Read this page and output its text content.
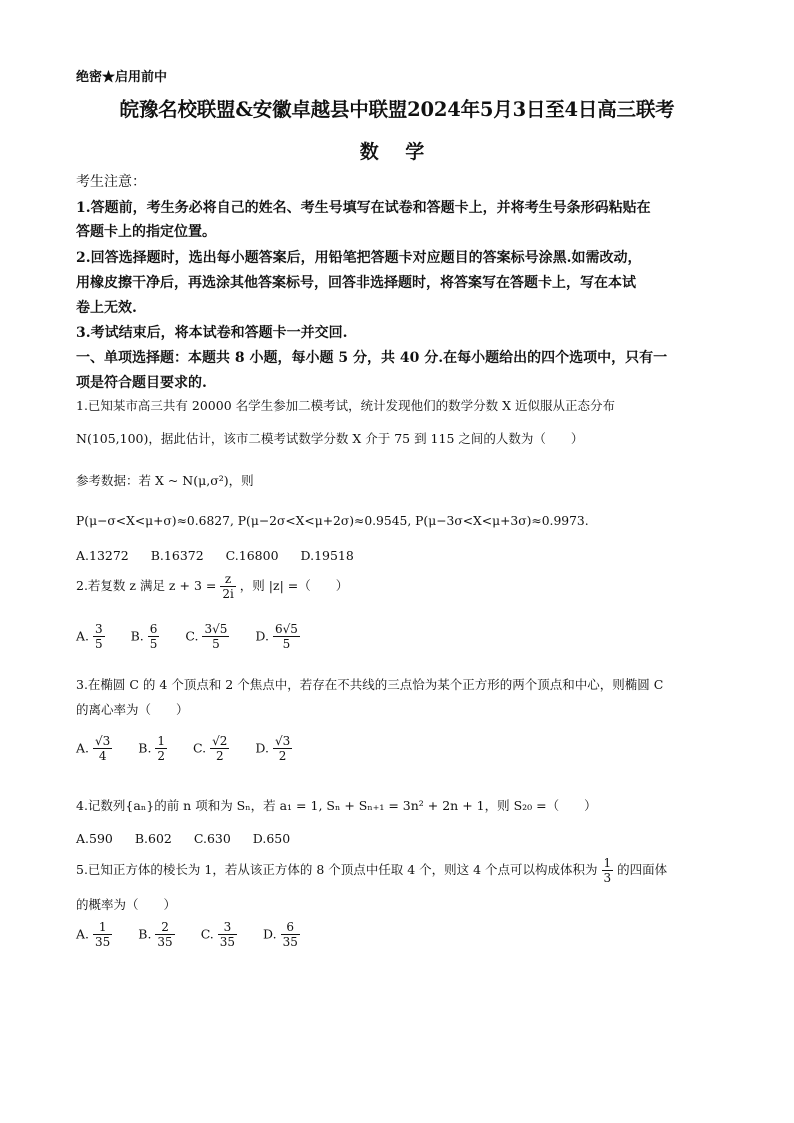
绝密★启用前中
皖豫名校联盟&安徽卓越县中联盟2024年5月3日至4日高三联考
数 学
考生注意：
1.答题前，考生务必将自己的姓名、考生号填写在试卷和答题卡上，并将考生号条形码粘贴在
答题卡上的指定位置。
2.回答选择题时，选出每小题答案后，用铅笔把答题卡对应题目的答案标号涂黑.如需改动，
用橡皮擦干净后，再选涂其他答案标号，回答非选择题时，将答案写在答题卡上，写在本试
卷上无效.
3.考试结束后，将本试卷和答题卡一并交回.
一、单项选择题：本题共 8 小题，每小题 5 分，共 40 分.在每小题给出的四个选项中，只有一
项是符合题目要求的.
1.已知某市高三共有 20000 名学生参加二模考试，统计发现他们的数学分数 X 近似服从正态分布
N(105,100)，据此估计，该市二模考试数学分数 X 介于 75 到 115 之间的人数为（　　）
参考数据：若 X ~ N(μ,σ²)，则
P(μ−σ<X<μ+σ)≈0.6827, P(μ−2σ<X<μ+2σ)≈0.9545, P(μ−3σ<X<μ+3σ)≈0.9973.
A.13272 B.16372 C.16800 D.19518
2.若复数 z 满足 $z + 3 = \frac{z}{2i}$ ，则 |z| =（　　）
A. $\frac{3}{5} B$. $\frac{6}{5} C$. $\frac{3√5}{5} D$. $\frac{6√5}{5}$
3.在椭圆 C 的 4 个顶点和 2 个焦点中，若存在不共线的三点恰为某个正方形的两个顶点和中心，则椭圆 C
的离心率为（　　）
A. $\frac{√3}{4} B$. $\frac{1}{2} C$. $\frac{√2}{2} D$. $\frac{√3}{2}$
4.记数列{aₙ}的前 n 项和为 Sₙ，若 a₁ = 1, Sₙ + Sₙ₊₁ = 3n² + 2n + 1，则 S₂₀ =（　　）
A.590 B.602 C.630 D.650
5.已知正方体的棱长为 1，若从该正方体的 8 个顶点中任取 4 个，则这 4 个点可以构成体积为 $\frac{1}{3}$ 的四面体
的概率为（　　）
A. $\frac{1}{35} B$. $\frac{2}{35} C$. $\frac{3}{35} D$. $\frac{6}{35}$
